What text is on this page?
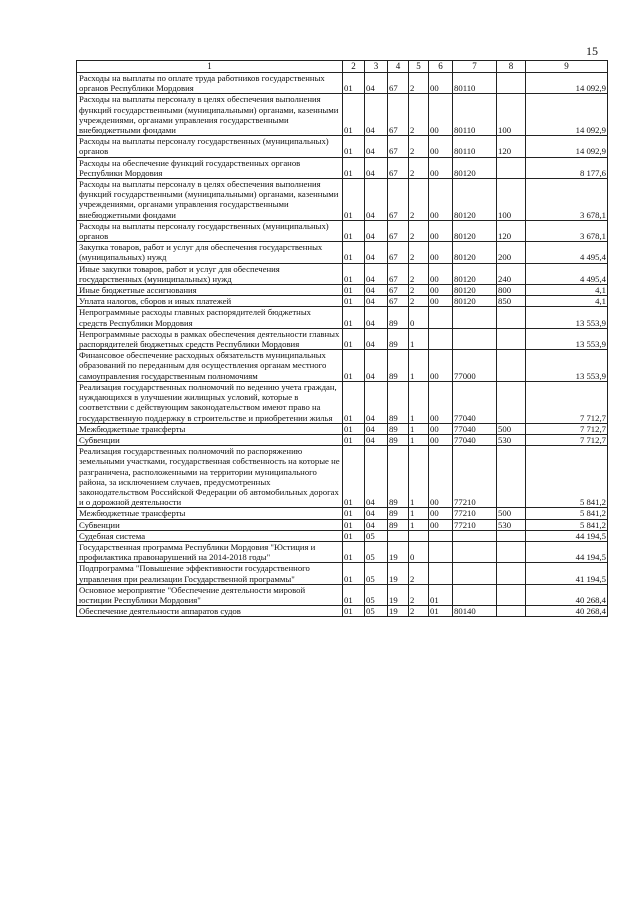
15
1	2	3	4	5	6	7	8	9
Расходы на выплаты по оплате труда работников государственных органов Республики Мордовия	01	04	67	2	00	80110		14 092,9
Расходы на выплаты персоналу в целях обеспечения выполнения функций государственными (муниципальными) органами, казенными учреждениями, органами управления государственными внебюджетными фондами	01	04	67	2	00	80110	100	14 092,9
Расходы на выплаты персоналу государственных (муниципальных) органов	01	04	67	2	00	80110	120	14 092,9
Расходы на обеспечение функций государственных органов Республики Мордовия	01	04	67	2	00	80120		8 177,6
Расходы на выплаты персоналу в целях обеспечения выполнения функций государственными (муниципальными) органами, казенными учреждениями, органами управления государственными внебюджетными фондами	01	04	67	2	00	80120	100	3 678,1
Расходы на выплаты персоналу государственных (муниципальных) органов	01	04	67	2	00	80120	120	3 678,1
Закупка товаров, работ и услуг для обеспечения государственных (муниципальных) нужд	01	04	67	2	00	80120	200	4 495,4
Иные закупки товаров, работ и услуг для обеспечения государственных (муниципальных) нужд	01	04	67	2	00	80120	240	4 495,4
Иные бюджетные ассигнования	01	04	67	2	00	80120	800	4,1
Уплата налогов, сборов и иных платежей	01	04	67	2	00	80120	850	4,1
Непрограммные расходы главных распорядителей бюджетных средств Республики Мордовия	01	04	89	0				13 553,9
Непрограммные расходы в рамках обеспечения деятельности главных распорядителей бюджетных средств Республики Мордовия	01	04	89	1				13 553,9
Финансовое обеспечение расходных обязательств муниципальных образований по переданным для осуществления органам местного самоуправления государственным полномочиям	01	04	89	1	00	77000		13 553,9
Реализация государственных полномочий по ведению учета граждан, нуждающихся в улучшении жилищных условий, которые в соответствии с действующим законодательством имеют право на государственную поддержку в строительстве и приобретении жилья	01	04	89	1	00	77040		7 712,7
Межбюджетные трансферты	01	04	89	1	00	77040	500	7 712,7
Субвенции	01	04	89	1	00	77040	530	7 712,7
Реализация государственных полномочий по распоряжению земельными участками, государственная собственность на которые не разграничена, расположенными на территории муниципального района, за исключением случаев, предусмотренных законодательством Российской Федерации об автомобильных дорогах и о дорожной деятельности	01	04	89	1	00	77210		5 841,2
Межбюджетные трансферты	01	04	89	1	00	77210	500	5 841,2
Субвенции	01	04	89	1	00	77210	530	5 841,2
Судебная система	01	05						44 194,5
Государственная программа Республики Мордовия "Юстиция и профилактика правонарушений на 2014-2018 годы"	01	05	19	0				44 194,5
Подпрограмма "Повышение эффективности государственного управления при реализации Государственной программы"	01	05	19	2				41 194,5
Основное мероприятие "Обеспечение деятельности мировой юстиции Республики Мордовия"	01	05	19	2	01			40 268,4
Обеспечение деятельности аппаратов судов	01	05	19	2	01	80140		40 268,4
